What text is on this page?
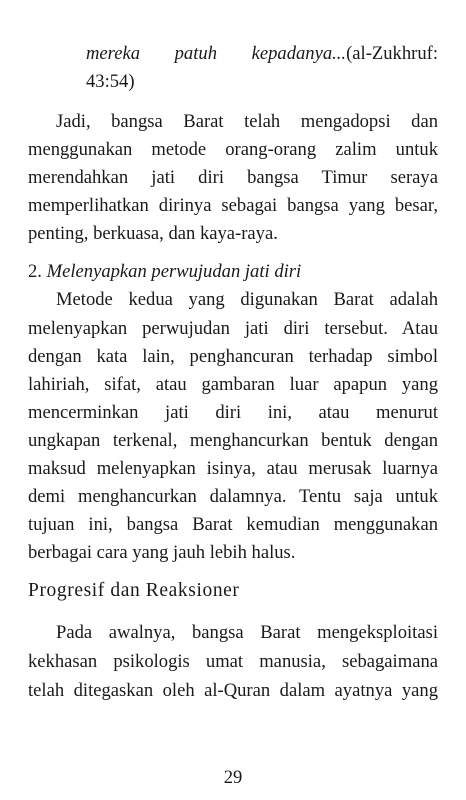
mereka patuh kepadanya...(al-Zukhruf:
43:54)
Jadi, bangsa Barat telah mengadopsi dan
menggunakan metode orang-orang zalim untuk
merendahkan jati diri bangsa Timur seraya
memperlihatkan dirinya sebagai bangsa yang besar,
penting, berkuasa, dan kaya-raya.
2. Melenyapkan perwujudan jati diri
Metode kedua yang digunakan Barat adalah
melenyapkan perwujudan jati diri tersebut. Atau
dengan kata lain, penghancuran terhadap simbol
lahiriah, sifat, atau gambaran luar apapun yang
mencerminkan jati diri ini, atau menurut
ungkapan terkenal, menghancurkan bentuk dengan
maksud melenyapkan isinya, atau merusak luarnya
demi menghancurkan dalamnya. Tentu saja untuk
tujuan ini, bangsa Barat kemudian menggunakan
berbagai cara yang jauh lebih halus.
Progresif dan Reaksioner
Pada awalnya, bangsa Barat mengeksploitasi
kekhasan psikologis umat manusia, sebagaimana
telah ditegaskan oleh al-Quran dalam ayatnya yang
29
